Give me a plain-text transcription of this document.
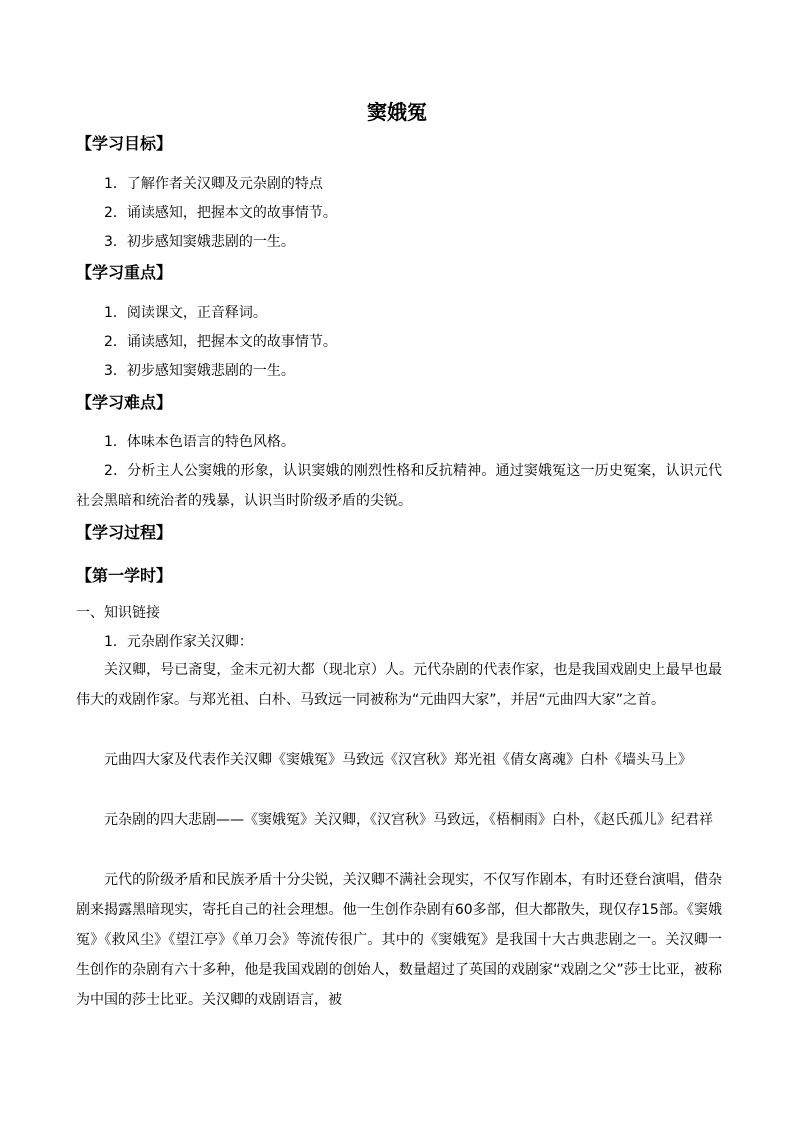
窦娥冤
【学习目标】
1．了解作者关汉卿及元杂剧的特点
2．诵读感知，把握本文的故事情节。
3．初步感知窦娥悲剧的一生。
【学习重点】
1．阅读课文，正音释词。
2．诵读感知，把握本文的故事情节。
3．初步感知窦娥悲剧的一生。
【学习难点】
1．体味本色语言的特色风格。
2．分析主人公窦娥的形象，认识窦娥的刚烈性格和反抗精神。通过窦娥冤这一历史冤案，认识元代社会黑暗和统治者的残暴，认识当时阶级矛盾的尖锐。
【学习过程】
【第一学时】
一、知识链接
1．元杂剧作家关汉卿：
关汉卿，号已斋叟，金末元初大都（现北京）人。元代杂剧的代表作家，也是我国戏剧史上最早也最伟大的戏剧作家。与郑光祖、白朴、马致远一同被称为“元曲四大家”，并居“元曲四大家”之首。
元曲四大家及代表作关汉卿《窦娥冤》马致远《汉宫秋》郑光祖《倩女离魂》白朴《墙头马上》
元杂剧的四大悲剧——《窦娥冤》关汉卿，《汉宫秋》马致远，《梧桐雨》白朴，《赵氏孤儿》纪君祥
元代的阶级矛盾和民族矛盾十分尖锐，关汉卿不满社会现实，不仅写作剧本，有时还登台演唱，借杂剧来揭露黑暗现实，寄托自己的社会理想。他一生创作杂剧有60多部，但大都散失，现仅存15部。《窦娥冤》《救风尘》《望江亭》《单刀会》等流传很广。其中的《窦娥冤》是我国十大古典悲剧之一。关汉卿一生创作的杂剧有六十多种，他是我国戏剧的创始人，数量超过了英国的戏剧家“戏剧之父”莎士比亚，被称为中国的莎士比亚。关汉卿的戏剧语言，被
